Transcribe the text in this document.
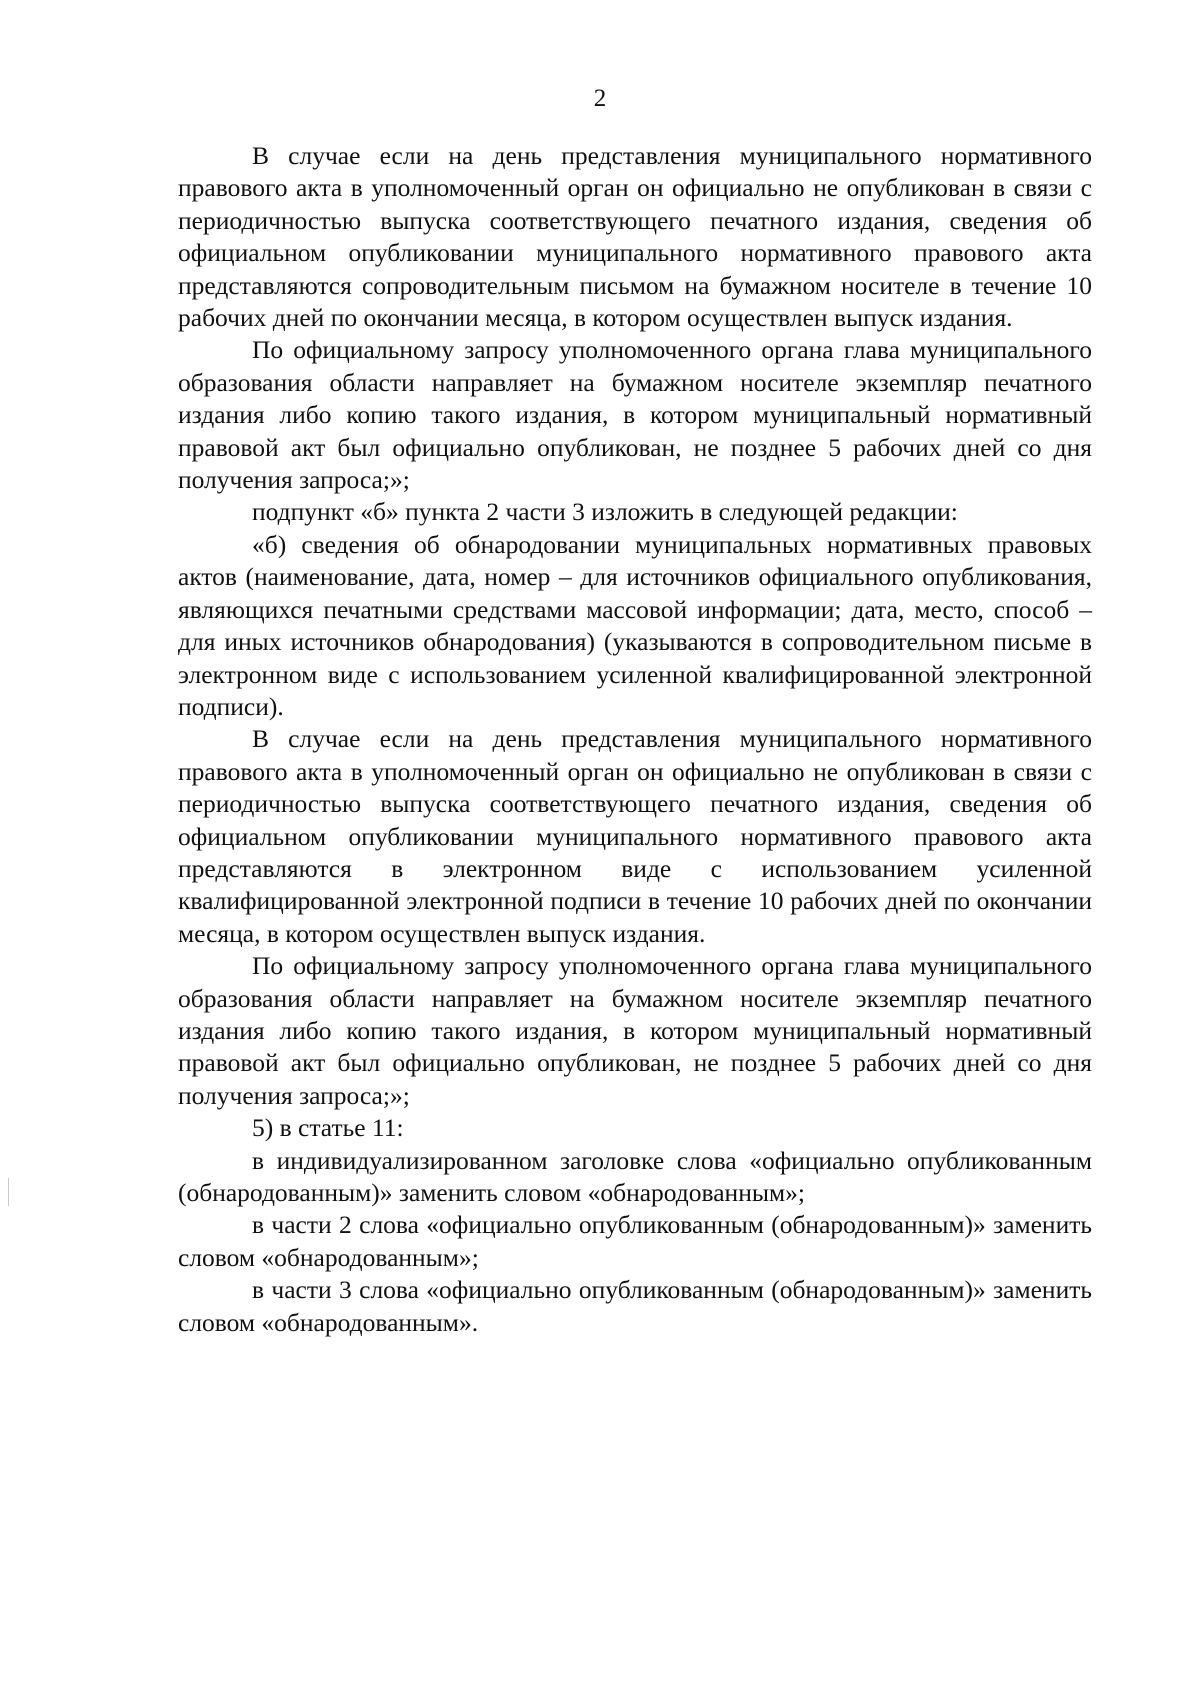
2

В случае если на день представления муниципального нормативного правового акта в уполномоченный орган он официально не опубликован в связи с периодичностью выпуска соответствующего печатного издания, сведения об официальном опубликовании муниципального нормативного правового акта представляются сопроводительным письмом на бумажном носителе в течение 10 рабочих дней по окончании месяца, в котором осуществлен выпуск издания.

По официальному запросу уполномоченного органа глава муниципального образования области направляет на бумажном носителе экземпляр печатного издания либо копию такого издания, в котором муниципальный нормативный правовой акт был официально опубликован, не позднее 5 рабочих дней со дня получения запроса;»;

подпункт «б» пункта 2 части 3 изложить в следующей редакции:

«б) сведения об обнародовании муниципальных нормативных правовых актов (наименование, дата, номер – для источников официального опубликования, являющихся печатными средствами массовой информации; дата, место, способ – для иных источников обнародования) (указываются в сопроводительном письме в электронном виде с использованием усиленной квалифицированной электронной подписи).

В случае если на день представления муниципального нормативного правового акта в уполномоченный орган он официально не опубликован в связи с периодичностью выпуска соответствующего печатного издания, сведения об официальном опубликовании муниципального нормативного правового акта представляются в электронном виде с использованием усиленной квалифицированной электронной подписи в течение 10 рабочих дней по окончании месяца, в котором осуществлен выпуск издания.

По официальному запросу уполномоченного органа глава муниципального образования области направляет на бумажном носителе экземпляр печатного издания либо копию такого издания, в котором муниципальный нормативный правовой акт был официально опубликован, не позднее 5 рабочих дней со дня получения запроса;»;

5) в статье 11:

в индивидуализированном заголовке слова «официально опубликованным (обнародованным)» заменить словом «обнародованным»;

в части 2 слова «официально опубликованным (обнародованным)» заменить словом «обнародованным»;

в части 3 слова «официально опубликованным (обнародованным)» заменить словом «обнародованным».
